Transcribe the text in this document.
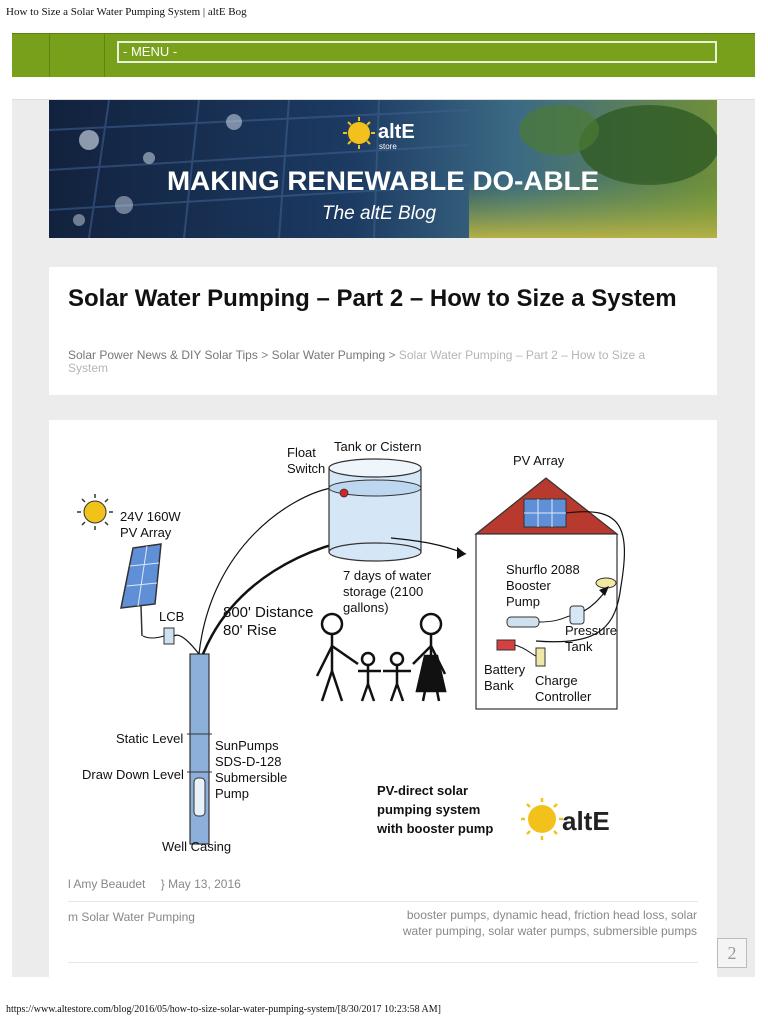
How to Size a Solar Water Pumping System | altE Bog
- MENU -
altE
store
MAKING RENEWABLE DO-ABLE
The altE Blog
Solar Water Pumping – Part 2 – How to Size a System
Solar Power News & DIY Solar Tips > Solar Water Pumping > Solar Water Pumping – Part 2 – How to Size a System
24V 160W
PV Array
LCB	800' Distance
80' Rise
Static Level
Draw Down Level
SunPumps
SDS-D-128
Submersible
Pump
Well Casing
Float
Switch
Tank or Cistern
7 days of water
storage (2100
gallons)
PV Array
Shurflo 2088
Booster
Pump
Pressure
Tank
Battery
Bank Charge
Controller
PV-direct solar
pumping system
with booster pump	altE
l Amy Beaudet } May 13, 2016
m Solar Water Pumping	booster pumps, dynamic head, friction head loss, solar water pumping, solar water pumps, submersible pumps
2
https://www.altestore.com/blog/2016/05/how-to-size-solar-water-pumping-system/[8/30/2017 10:23:58 AM]
